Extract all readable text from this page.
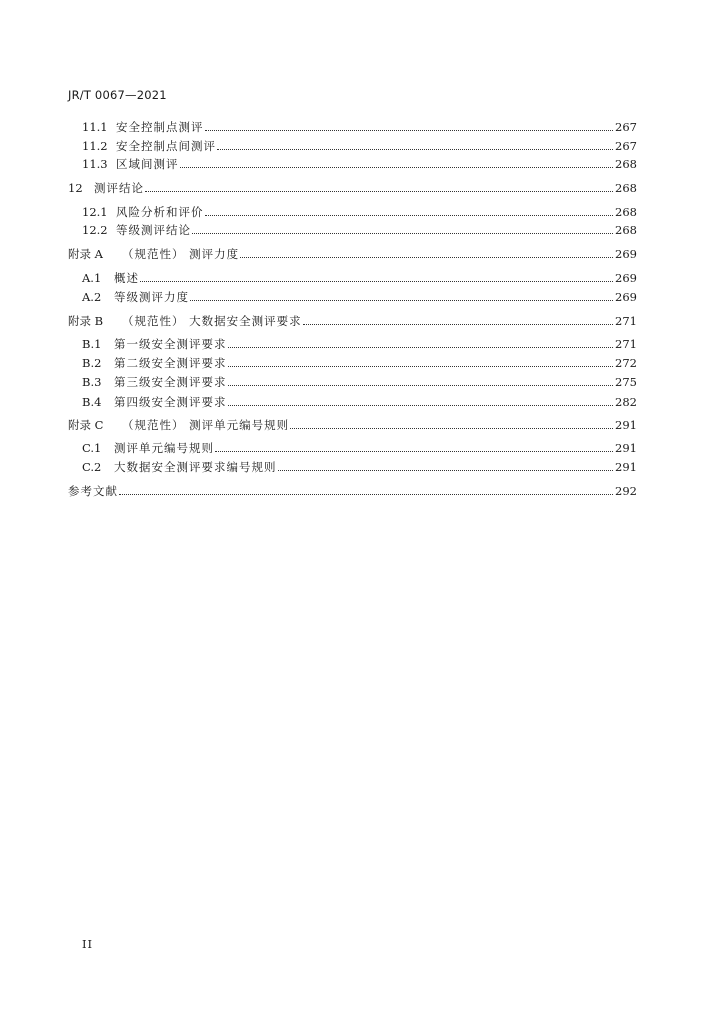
JR/T 0067—2021
11.1 安全控制点测评	267
11.2 安全控制点间测评	267
11.3 区域间测评	268
12 测评结论	268
12.1 风险分析和评价	268
12.2 等级测评结论	268
附录 A	（规范性） 测评力度	269
A.1	概述	269
A.2	等级测评力度	269
附录 B	（规范性） 大数据安全测评要求	271
B.1	第一级安全测评要求	271
B.2	第二级安全测评要求	272
B.3	第三级安全测评要求	275
B.4	第四级安全测评要求	282
附录 C	（规范性） 测评单元编号规则	291
C.1	测评单元编号规则	291
C.2	大数据安全测评要求编号规则	291
参考文献	292
II
